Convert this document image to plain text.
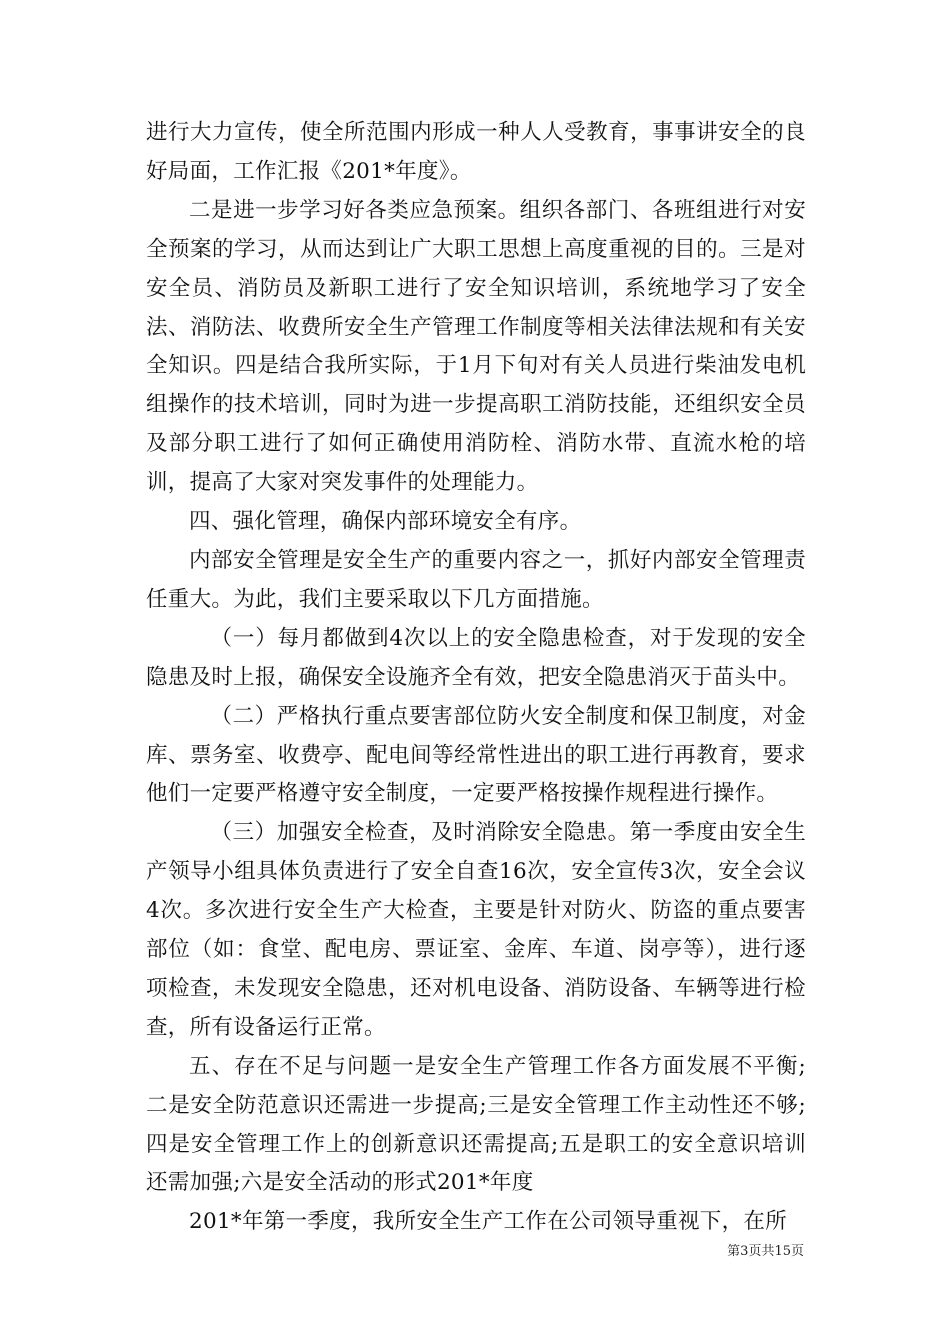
进行大力宣传，使全所范围内形成一种人人受教育，事事讲安全的良好局面，工作汇报《201*年度》。

二是进一步学习好各类应急预案。组织各部门、各班组进行对安全预案的学习，从而达到让广大职工思想上高度重视的目的。三是对安全员、消防员及新职工进行了安全知识培训，系统地学习了安全法、消防法、收费所安全生产管理工作制度等相关法律法规和有关安全知识。四是结合我所实际，于1月下旬对有关人员进行柴油发电机组操作的技术培训，同时为进一步提高职工消防技能，还组织安全员及部分职工进行了如何正确使用消防栓、消防水带、直流水枪的培训，提高了大家对突发事件的处理能力。

四、强化管理，确保内部环境安全有序。

内部安全管理是安全生产的重要内容之一，抓好内部安全管理责任重大。为此，我们主要采取以下几方面措施。

（一）每月都做到4次以上的安全隐患检查，对于发现的安全隐患及时上报，确保安全设施齐全有效，把安全隐患消灭于苗头中。

（二）严格执行重点要害部位防火安全制度和保卫制度，对金库、票务室、收费亭、配电间等经常性进出的职工进行再教育，要求他们一定要严格遵守安全制度，一定要严格按操作规程进行操作。

（三）加强安全检查，及时消除安全隐患。第一季度由安全生产领导小组具体负责进行了安全自查16次，安全宣传3次，安全会议4次。多次进行安全生产大检查，主要是针对防火、防盗的重点要害部位（如：食堂、配电房、票证室、金库、车道、岗亭等），进行逐项检查，未发现安全隐患，还对机电设备、消防设备、车辆等进行检查，所有设备运行正常。

五、存在不足与问题一是安全生产管理工作各方面发展不平衡;二是安全防范意识还需进一步提高;三是安全管理工作主动性还不够;四是安全管理工作上的创新意识还需提高;五是职工的安全意识培训还需加强;六是安全活动的形式201*年度

201*年第一季度，我所安全生产工作在公司领导重视下，在所

第3页共15页
